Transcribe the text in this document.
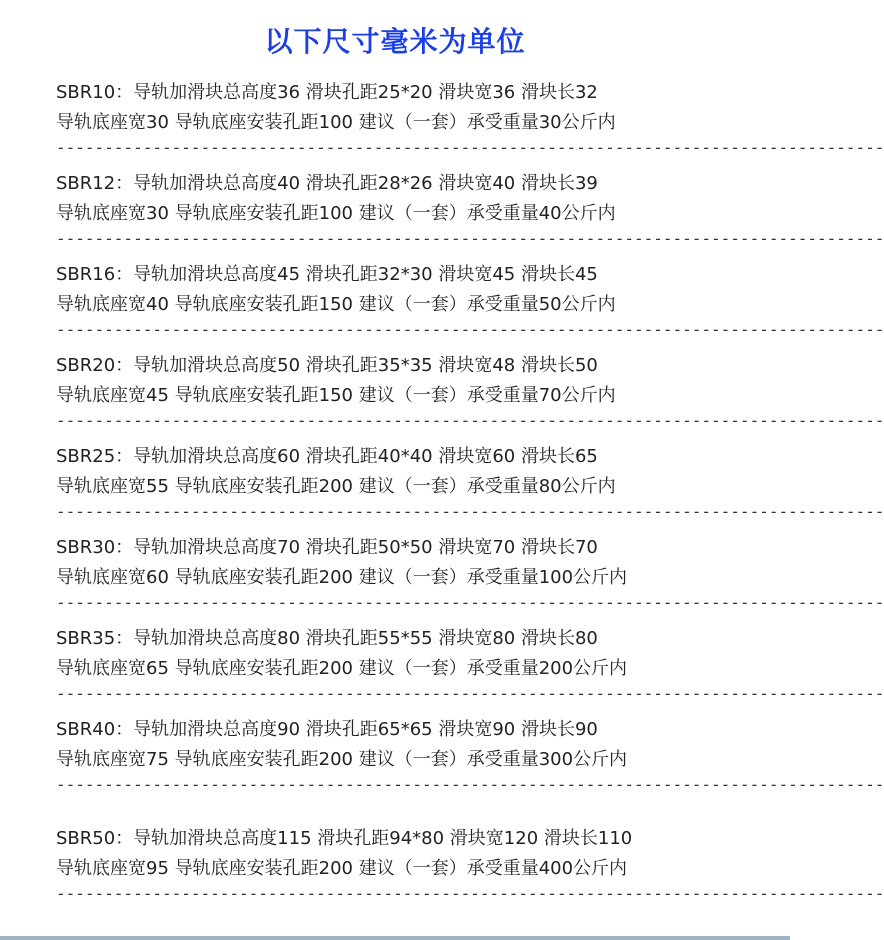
以下尺寸毫米为单位
SBR10：导轨加滑块总高度36 滑块孔距25*20 滑块宽36 滑块长32
导轨底座宽30 导轨底座安装孔距100 建议（一套）承受重量30公斤内
--------------------------------------------------------------------------------------
SBR12：导轨加滑块总高度40 滑块孔距28*26 滑块宽40 滑块长39
导轨底座宽30 导轨底座安装孔距100 建议（一套）承受重量40公斤内
--------------------------------------------------------------------------------------
SBR16：导轨加滑块总高度45 滑块孔距32*30 滑块宽45 滑块长45
导轨底座宽40 导轨底座安装孔距150 建议（一套）承受重量50公斤内
--------------------------------------------------------------------------------------
SBR20：导轨加滑块总高度50 滑块孔距35*35 滑块宽48 滑块长50
导轨底座宽45 导轨底座安装孔距150 建议（一套）承受重量70公斤内
--------------------------------------------------------------------------------------
SBR25：导轨加滑块总高度60 滑块孔距40*40 滑块宽60 滑块长65
导轨底座宽55 导轨底座安装孔距200 建议（一套）承受重量80公斤内
--------------------------------------------------------------------------------------
SBR30：导轨加滑块总高度70 滑块孔距50*50 滑块宽70 滑块长70
导轨底座宽60 导轨底座安装孔距200 建议（一套）承受重量100公斤内
--------------------------------------------------------------------------------------
SBR35：导轨加滑块总高度80 滑块孔距55*55 滑块宽80 滑块长80
导轨底座宽65 导轨底座安装孔距200 建议（一套）承受重量200公斤内
--------------------------------------------------------------------------------------
SBR40：导轨加滑块总高度90 滑块孔距65*65 滑块宽90 滑块长90
导轨底座宽75 导轨底座安装孔距200 建议（一套）承受重量300公斤内
--------------------------------------------------------------------------------------
SBR50：导轨加滑块总高度115 滑块孔距94*80 滑块宽120 滑块长110
导轨底座宽95 导轨底座安装孔距200 建议（一套）承受重量400公斤内
--------------------------------------------------------------------------------------
